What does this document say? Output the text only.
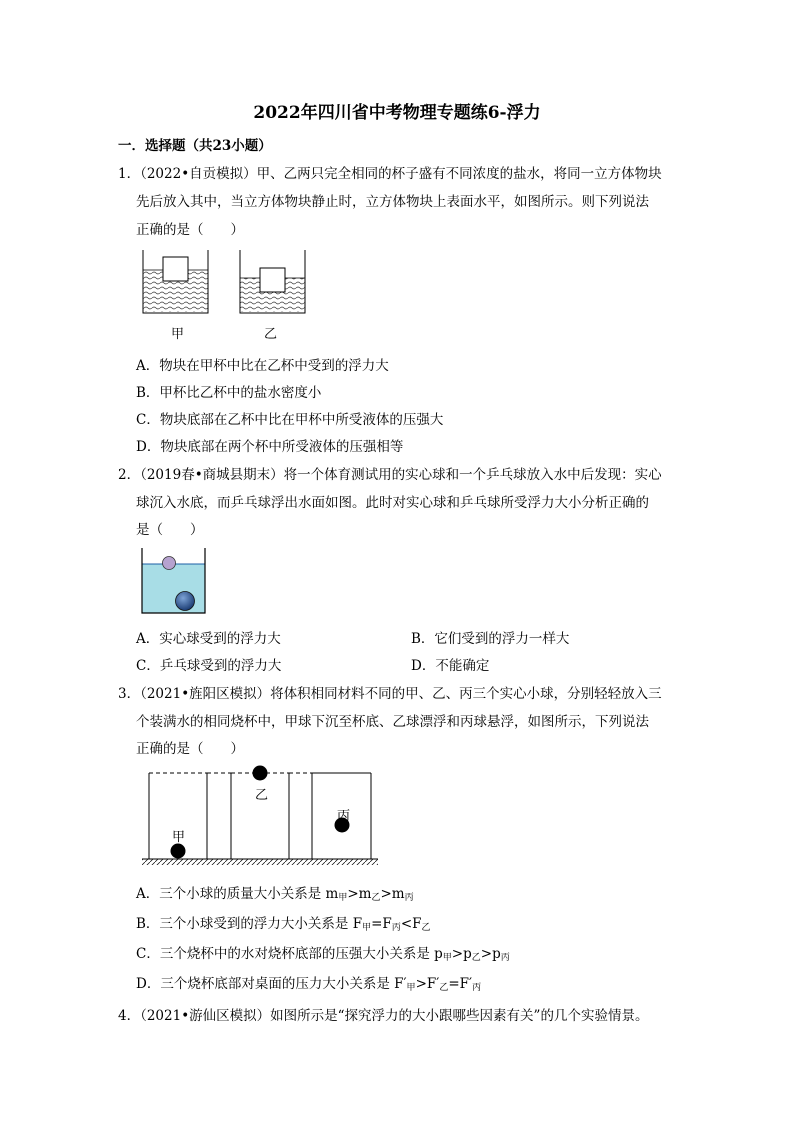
2022年四川省中考物理专题练6-浮力
一．选择题（共23小题）
1．（2022•自贡模拟）甲、乙两只完全相同的杯子盛有不同浓度的盐水，将同一立方体物块
先后放入其中，当立方体物块静止时，立方体物块上表面水平，如图所示。则下列说法
正确的是（　　）
甲	乙
A．物块在甲杯中比在乙杯中受到的浮力大
B．甲杯比乙杯中的盐水密度小
C．物块底部在乙杯中比在甲杯中所受液体的压强大
D．物块底部在两个杯中所受液体的压强相等
2．（2019春•商城县期末）将一个体育测试用的实心球和一个乒乓球放入水中后发现：实心
球沉入水底，而乒乓球浮出水面如图。此时对实心球和乒乓球所受浮力大小分析正确的
是（　　）
A．实心球受到的浮力大	B．它们受到的浮力一样大
C．乒乓球受到的浮力大	D．不能确定
3．（2021•旌阳区模拟）将体积相同材料不同的甲、乙、丙三个实心小球，分别轻轻放入三
个装满水的相同烧杯中，甲球下沉至杯底、乙球漂浮和丙球悬浮，如图所示，下列说法
正确的是（　　）
甲
乙
丙
A．三个小球的质量大小关系是 $m_甲>m_乙>m_丙$
B．三个小球受到的浮力大小关系是 $F_甲=F_丙<F_乙$
C．三个烧杯中的水对烧杯底部的压强大小关系是 $p_甲>p_乙>p_丙$
D．三个烧杯底部对桌面的压力大小关系是 $F'_甲>F'_乙=F'_丙$
4．（2021•游仙区模拟）如图所示是“探究浮力的大小跟哪些因素有关”的几个实验情景。
